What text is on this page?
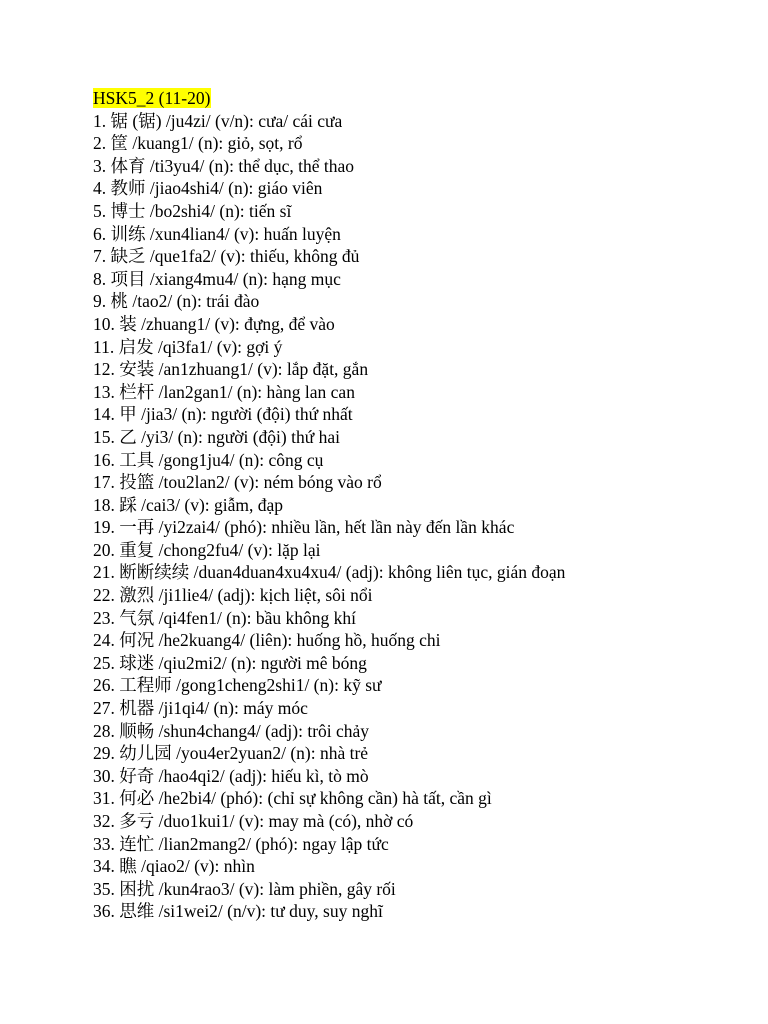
HSK5_2 (11-20)
1. 锯 (锯) /ju4zi/ (v/n): cưa/ cái cưa
2. 筐 /kuang1/ (n): giỏ, sọt, rổ
3. 体育 /ti3yu4/ (n): thể dục, thể thao
4. 教师 /jiao4shi4/ (n): giáo viên
5. 博士 /bo2shi4/ (n): tiến sĩ
6. 训练 /xun4lian4/ (v): huấn luyện
7. 缺乏 /que1fa2/ (v): thiếu, không đủ
8. 项目 /xiang4mu4/ (n): hạng mục
9. 桃 /tao2/ (n): trái đào
10. 装 /zhuang1/ (v): đựng, để vào
11. 启发 /qi3fa1/ (v): gợi ý
12. 安装 /an1zhuang1/ (v): lắp đặt, gắn
13. 栏杆 /lan2gan1/ (n): hàng lan can
14. 甲 /jia3/ (n): người (đội) thứ nhất
15. 乙 /yi3/ (n): người (đội) thứ hai
16. 工具 /gong1ju4/ (n): công cụ
17. 投篮 /tou2lan2/ (v): ném bóng vào rổ
18. 踩 /cai3/ (v): giẫm, đạp
19. 一再 /yi2zai4/ (phó): nhiều lần, hết lần này đến lần khác
20. 重复 /chong2fu4/ (v): lặp lại
21. 断断续续 /duan4duan4xu4xu4/ (adj): không liên tục, gián đoạn
22. 激烈 /ji1lie4/ (adj): kịch liệt, sôi nổi
23. 气氛 /qi4fen1/ (n): bầu không khí
24. 何况 /he2kuang4/ (liên): huống hồ, huống chi
25. 球迷 /qiu2mi2/ (n): người mê bóng
26. 工程师 /gong1cheng2shi1/ (n): kỹ sư
27. 机器 /ji1qi4/ (n): máy móc
28. 顺畅 /shun4chang4/ (adj): trôi chảy
29. 幼儿园 /you4er2yuan2/ (n): nhà trẻ
30. 好奇 /hao4qi2/ (adj): hiếu kì, tò mò
31. 何必 /he2bi4/ (phó): (chỉ sự không cần) hà tất, cần gì
32. 多亏 /duo1kui1/ (v): may mà (có), nhờ có
33. 连忙 /lian2mang2/ (phó): ngay lập tức
34. 瞧 /qiao2/ (v): nhìn
35. 困扰 /kun4rao3/ (v): làm phiền, gây rối
36. 思维 /si1wei2/ (n/v): tư duy, suy nghĩ
